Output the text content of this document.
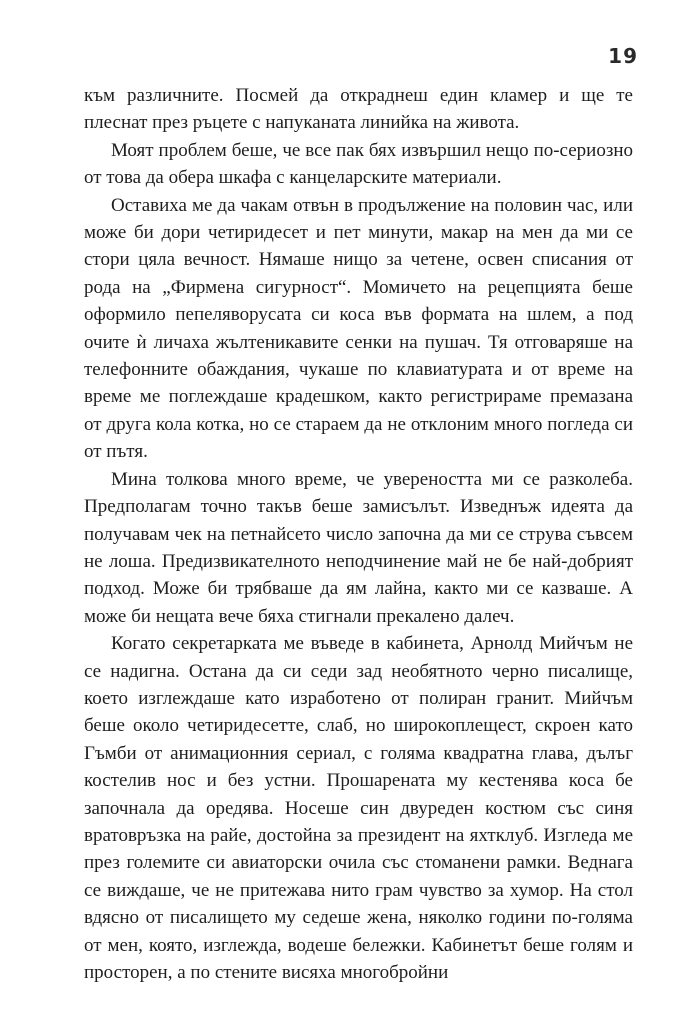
19

към различните. Посмей да откраднеш един кламер и ще те плеснат през ръцете с напуканата линийка на живота.

Моят проблем беше, че все пак бях извършил нещо по-сериозно от това да обера шкафа с канцеларските материали.

Оставиха ме да чакам отвън в продължение на половин час, или може би дори четиридесет и пет минути, макар на мен да ми се стори цяла вечност. Нямаше нищо за четене, освен списания от рода на „Фирмена сигурност“. Момичето на рецепцията беше оформило пепеляворусата си коса във формата на шлем, а под очите ѝ личаха жълтеникавите сенки на пушач. Тя отговаряше на телефонните обаждания, чукаше по клавиатурата и от време на време ме поглеждаше крадешком, както регистрираме премазана от друга кола котка, но се стараем да не отклоним много погледа си от пътя.

Мина толкова много време, че увереността ми се разколеба. Предполагам точно такъв беше замисълът. Изведнъж идеята да получавам чек на петнайсето число започна да ми се струва съвсем не лоша. Предизвикателното неподчинение май не бе най-добрият подход. Може би трябваше да ям лайна, както ми се казваше. А може би нещата вече бяха стигнали прекалено далеч.

Когато секретарката ме въведе в кабинета, Арнолд Мийчъм не се надигна. Остана да си седи зад необятното черно писалище, което изглеждаше като изработено от полиран гранит. Мийчъм беше около четиридесетте, слаб, но широкоплещест, скроен като Гъмби от анимационния сериал, с голяма квадратна глава, дълъг костелив нос и без устни. Прошарената му кестенява коса бе започнала да оредява. Носеше син двуреден костюм със синя вратовръзка на райе, достойна за президент на яхтклуб. Изгледа ме през големите си авиаторски очила със стоманени рамки. Веднага се виждаше, че не притежава нито грам чувство за хумор. На стол вдясно от писалището му седеше жена, няколко години по-голяма от мен, която, изглежда, водеше бележки. Кабинетът беше голям и просторен, а по стените висяха многобройни
